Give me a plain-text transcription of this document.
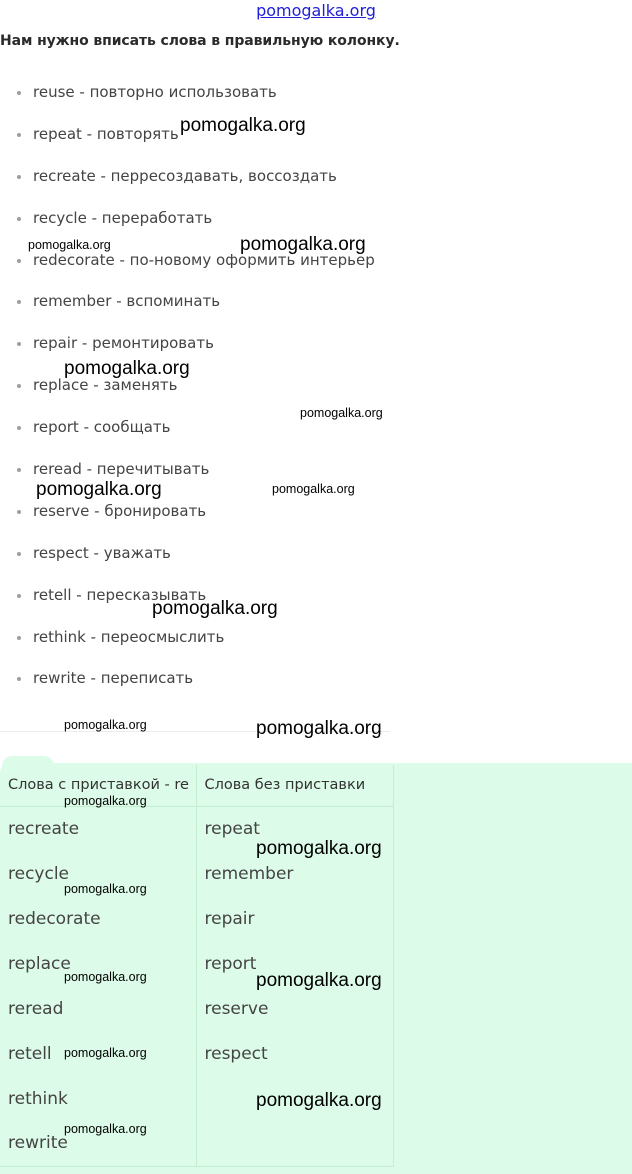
pomogalka.org

Нам нужно вписать слова в правильную колонку.

reuse - повторно использовать
repeat - повторять
recreate - перресоздавать, воссоздать
recycle - переработать
redecorate - по-новому оформить интерьер
remember - вспоминать
repair - ремонтировать
replace - заменять
report - сообщать
reread - перечитывать
reserve - бронировать
respect - уважать
retell - пересказывать
rethink - переосмыслить
rewrite - переписать
Слова с приставкой - re	Слова без приставки
recreate	repeat
recycle	remember
redecorate	repair
replace	report
reread	reserve
retell	respect
rethink	
rewrite	
pomogalka.org
pomogalka.org	pomogalka.org
pomogalka.org
pomogalka.org
pomogalka.org	pomogalka.org
pomogalka.org
pomogalka.org	pomogalka.org
pomogalka.org
pomogalka.org
pomogalka.org
pomogalka.org	pomogalka.org
pomogalka.org
pomogalka.org
pomogalka.org
